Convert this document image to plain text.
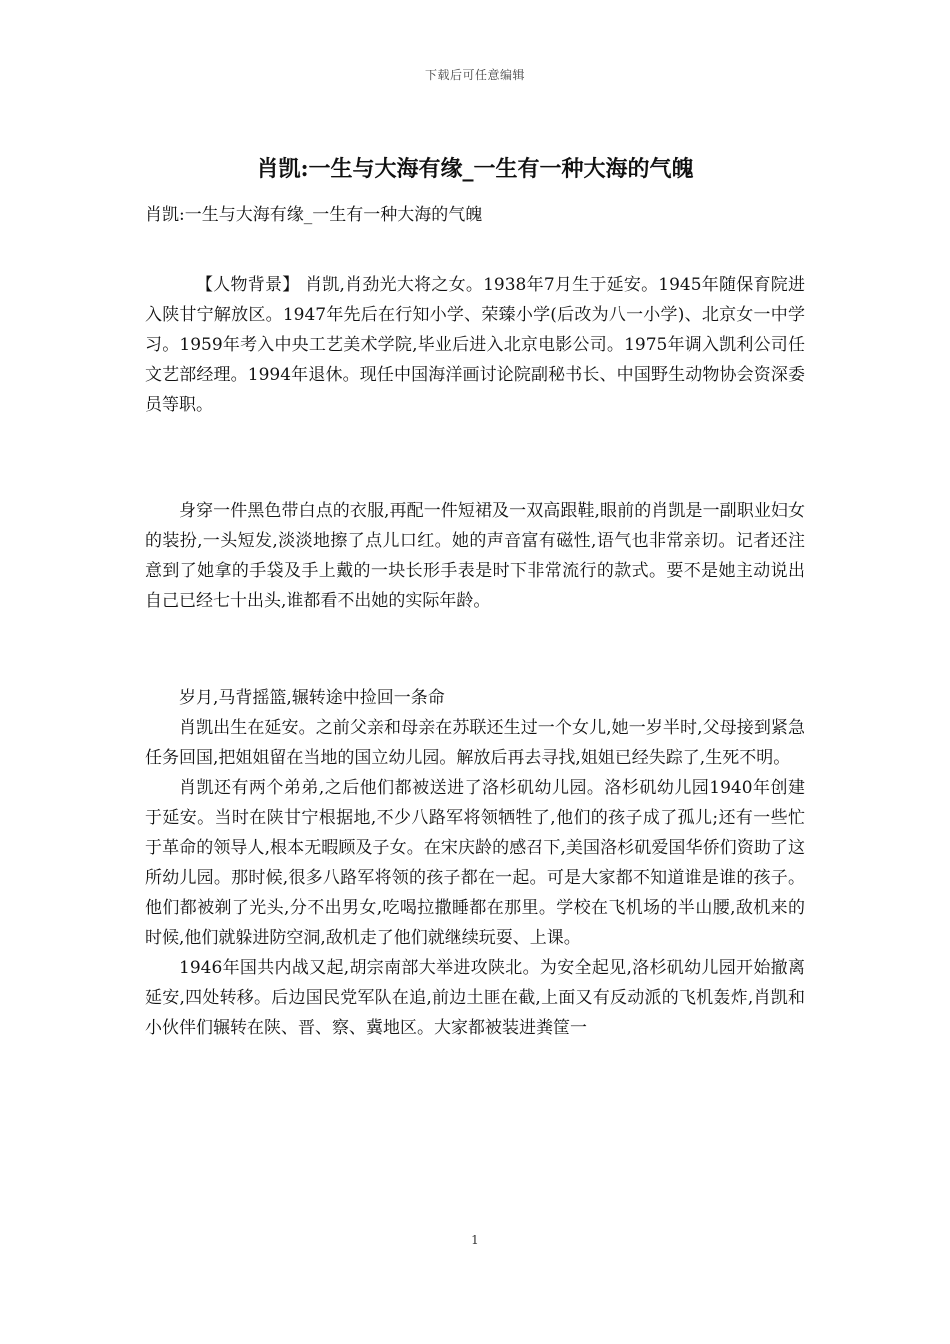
下载后可任意编辑
肖凯:一生与大海有缘_一生有一种大海的气魄
肖凯:一生与大海有缘_一生有一种大海的气魄

【人物背景】 肖凯,肖劲光大将之女。1938年7月生于延安。1945年随保育院进入陕甘宁解放区。1947年先后在行知小学、荣臻小学(后改为八一小学)、北京女一中学习。1959年考入中央工艺美术学院,毕业后进入北京电影公司。1975年调入凯利公司任文艺部经理。1994年退休。现任中国海洋画讨论院副秘书长、中国野生动物协会资深委员等职。

身穿一件黑色带白点的衣服,再配一件短裙及一双高跟鞋,眼前的肖凯是一副职业妇女的装扮,一头短发,淡淡地擦了点儿口红。她的声音富有磁性,语气也非常亲切。记者还注意到了她拿的手袋及手上戴的一块长形手表是时下非常流行的款式。要不是她主动说出自己已经七十出头,谁都看不出她的实际年龄。

岁月,马背摇篮,辗转途中捡回一条命

肖凯出生在延安。之前父亲和母亲在苏联还生过一个女儿,她一岁半时,父母接到紧急任务回国,把姐姐留在当地的国立幼儿园。解放后再去寻找,姐姐已经失踪了,生死不明。

肖凯还有两个弟弟,之后他们都被送进了洛杉矶幼儿园。洛杉矶幼儿园1940年创建于延安。当时在陕甘宁根据地,不少八路军将领牺牲了,他们的孩子成了孤儿;还有一些忙于革命的领导人,根本无暇顾及子女。在宋庆龄的感召下,美国洛杉矶爱国华侨们资助了这所幼儿园。那时候,很多八路军将领的孩子都在一起。可是大家都不知道谁是谁的孩子。他们都被剃了光头,分不出男女,吃喝拉撒睡都在那里。学校在飞机场的半山腰,敌机来的时候,他们就躲进防空洞,敌机走了他们就继续玩耍、上课。

1946年国共内战又起,胡宗南部大举进攻陕北。为安全起见,洛杉矶幼儿园开始撤离延安,四处转移。后边国民党军队在追,前边土匪在截,上面又有反动派的飞机轰炸,肖凯和小伙伴们辗转在陕、晋、察、冀地区。大家都被装进粪筐一

1
